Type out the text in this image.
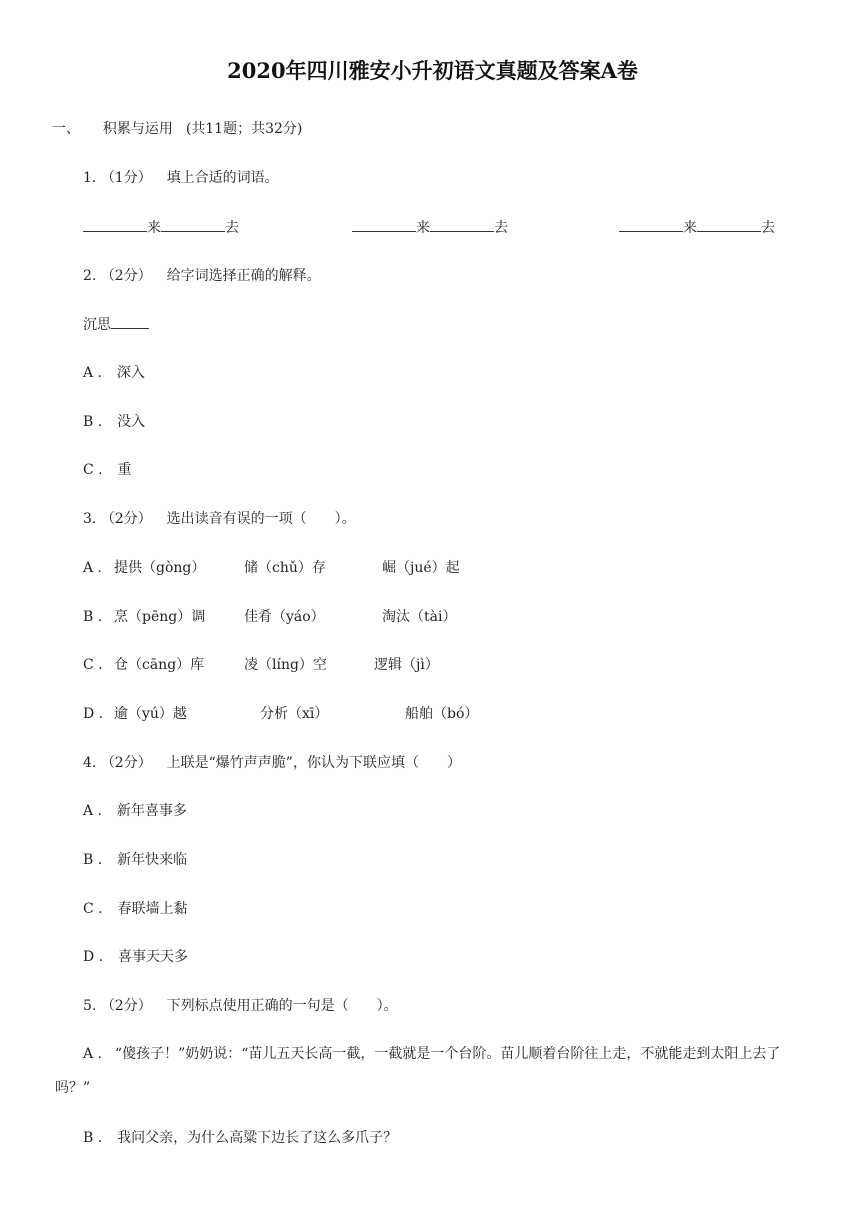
2020年四川雅安小升初语文真题及答案A卷
一、 积累与运用 (共11题；共32分)
1. （1分） 填上合适的词语。
来	去	来	去	来	去
2. （2分） 给字词选择正确的解释。
沉思
A . 深入
B . 没入
C . 重
3. （2分） 选出读音有误的一项（　　）。
A . 提供（gòng）	储（chǔ）存	崛（jué）起
B . 烹（pēng）调	佳肴（yáo）	淘汰（tài）
C . 仓（cāng）库	凌（líng）空	逻辑（jì）
D . 逾（yú）越	分析（xī）	船舶（bó）
4. （2分） 上联是“爆竹声声脆”，你认为下联应填（　　）
A . 新年喜事多
B . 新年快来临
C . 春联墙上黏
D . 喜事天天多
5. （2分） 下列标点使用正确的一句是（　　）。
A . “傻孩子！”奶奶说：“苗儿五天长高一截，一截就是一个台阶。苗儿顺着台阶往上走，不就能走到太阳上去了吗？”
B . 我问父亲，为什么高粱下边长了这么多爪子？
